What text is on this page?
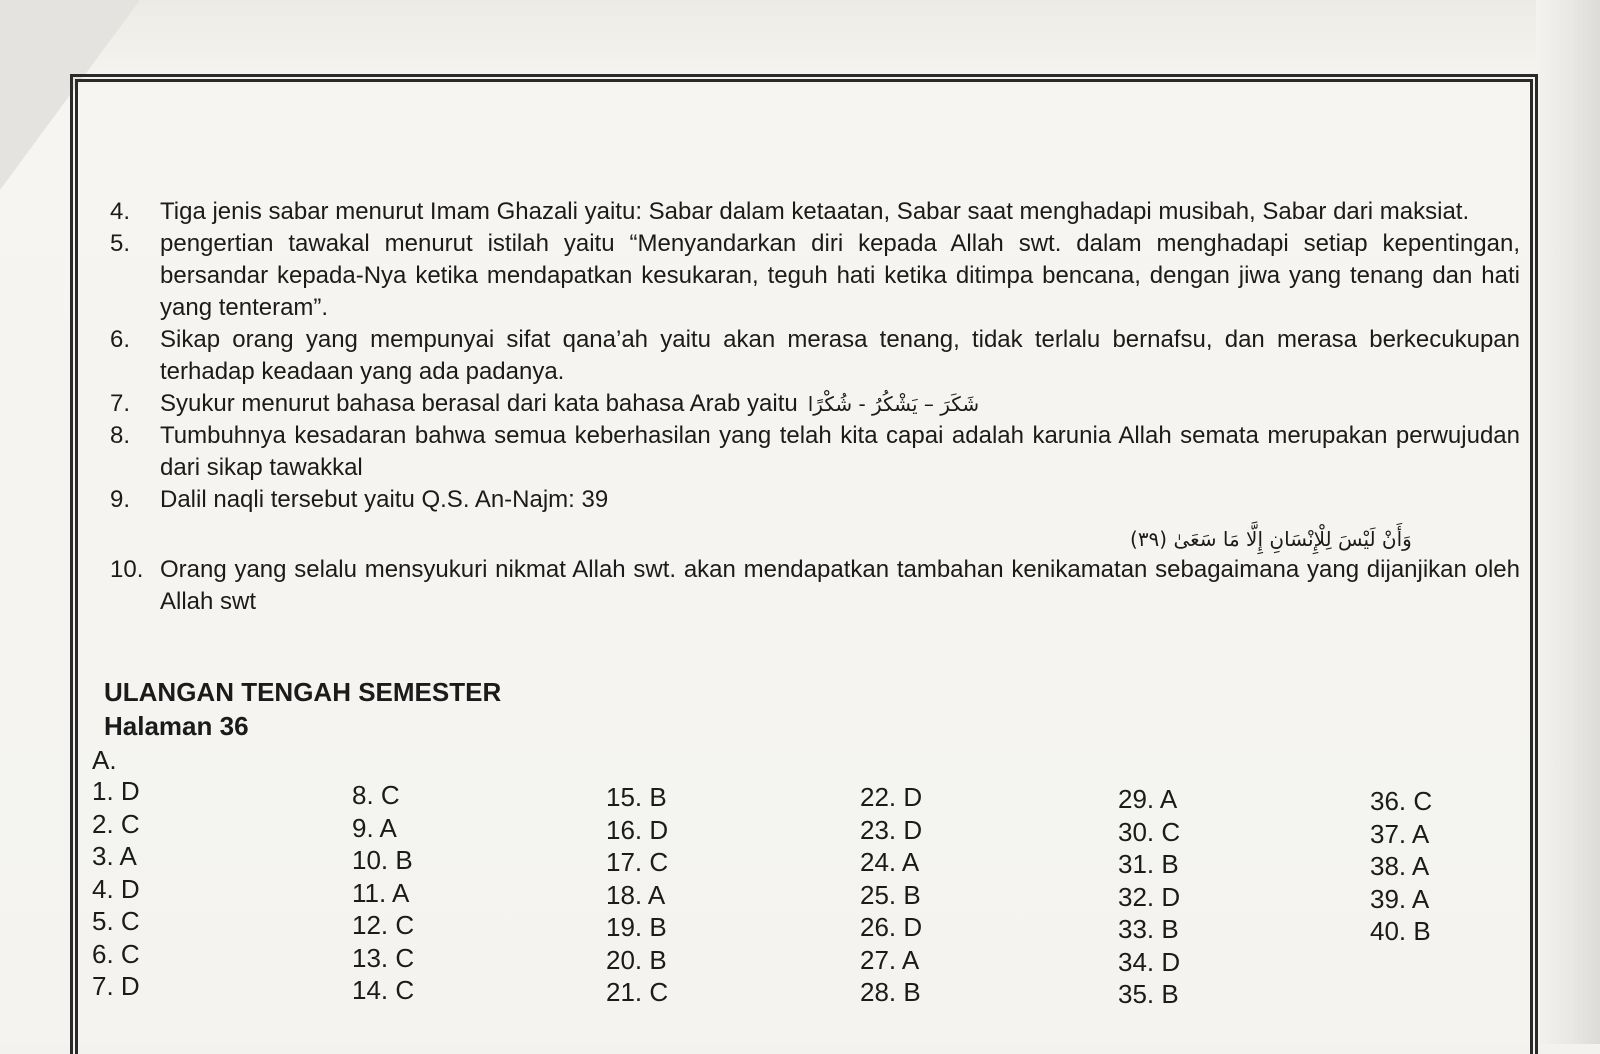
4. Tiga jenis sabar menurut Imam Ghazali yaitu: Sabar dalam ketaatan, Sabar saat menghadapi musibah, Sabar dari maksiat.
5. pengertian tawakal menurut istilah yaitu “Menyandarkan diri kepada Allah swt. dalam menghadapi setiap kepentingan, bersandar kepada-Nya ketika mendapatkan kesukaran, teguh hati ketika ditimpa bencana, dengan jiwa yang tenang dan hati yang tenteram”.
6. Sikap orang yang mempunyai sifat qana’ah yaitu akan merasa tenang, tidak terlalu bernafsu, dan merasa berkecukupan terhadap keadaan yang ada padanya.
7. Syukur menurut bahasa berasal dari kata bahasa Arab yaitu شَكَرَ – يَشْكُرُ - شُكْرًا
8. Tumbuhnya kesadaran bahwa semua keberhasilan yang telah kita capai adalah karunia Allah semata merupakan perwujudan dari sikap tawakkal
9. Dalil naqli tersebut yaitu Q.S. An-Najm: 39
وَأَنْ لَيْسَ لِلْإِنْسَانِ إِلَّا مَا سَعَىٰ (٣٩)
10. Orang yang selalu mensyukuri nikmat Allah swt. akan mendapatkan tambahan kenikamatan sebagaimana yang dijanjikan oleh Allah swt
ULANGAN TENGAH SEMESTER
Halaman 36
A.
1. D
2. C
3. A
4. D
5. C
6. C
7. D
8. C
9. A
10. B
11. A
12. C
13. C
14. C
15. B
16. D
17. C
18. A
19. B
20. B
21. C
22. D
23. D
24. A
25. B
26. D
27. A
28. B
29. A
30. C
31. B
32. D
33. B
34. D
35. B
36. C
37. A
38. A
39. A
40. B
